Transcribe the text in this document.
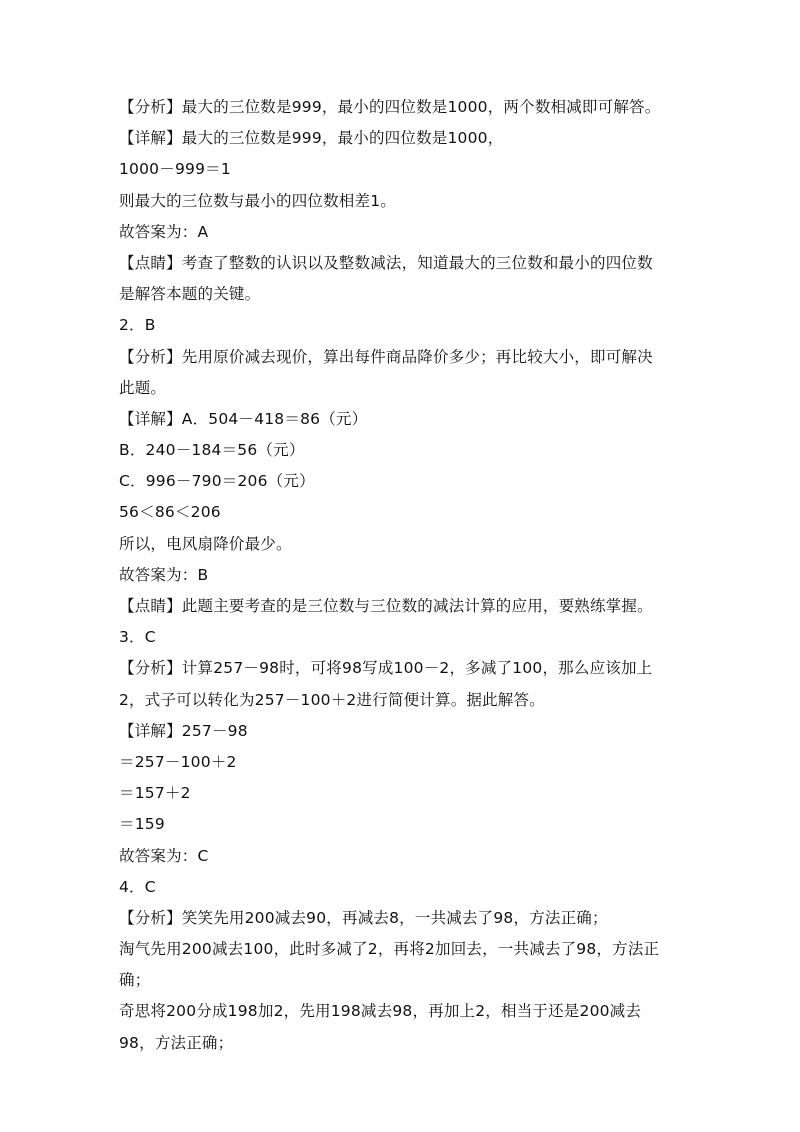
【分析】最大的三位数是999，最小的四位数是1000，两个数相减即可解答。
【详解】最大的三位数是999，最小的四位数是1000，
1000－999＝1
则最大的三位数与最小的四位数相差1。
故答案为：A
【点睛】考查了整数的认识以及整数减法，知道最大的三位数和最小的四位数
是解答本题的关键。
2．B
【分析】先用原价减去现价，算出每件商品降价多少；再比较大小，即可解决
此题。
【详解】A．504－418＝86（元）
B．240－184＝56（元）
C．996－790＝206（元）
56＜86＜206
所以，电风扇降价最少。
故答案为：B
【点睛】此题主要考查的是三位数与三位数的减法计算的应用，要熟练掌握。
3．C
【分析】计算257－98时，可将98写成100－2，多减了100，那么应该加上
2，式子可以转化为257－100＋2进行简便计算。据此解答。
【详解】257－98
＝257－100＋2
＝157＋2
＝159
故答案为：C
4．C
【分析】笑笑先用200减去90，再减去8，一共减去了98，方法正确；
淘气先用200减去100，此时多减了2，再将2加回去，一共减去了98，方法正
确；
奇思将200分成198加2，先用198减去98，再加上2，相当于还是200减去
98，方法正确；
